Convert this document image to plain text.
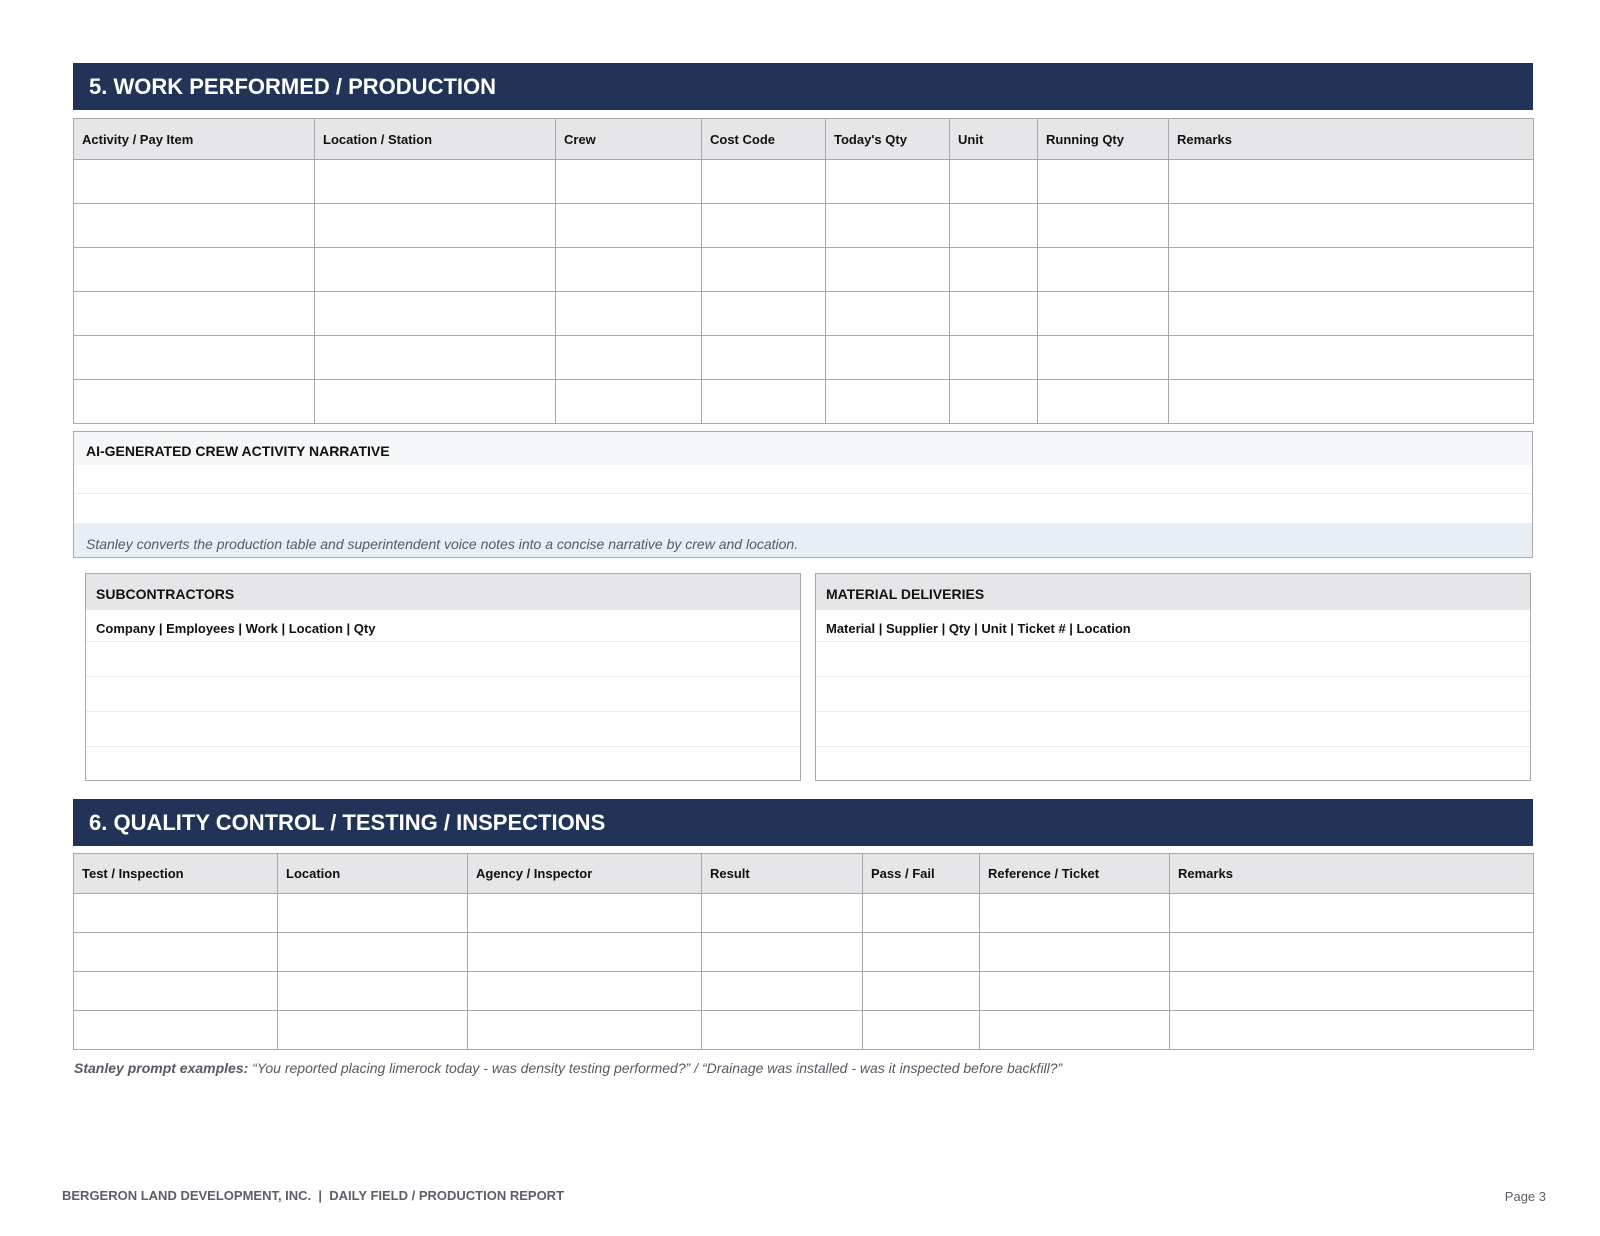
5. WORK PERFORMED / PRODUCTION
Activity / Pay Item	Location / Station	Crew	Cost Code	Today's Qty	Unit	Running Qty	Remarks

AI-GENERATED CREW ACTIVITY NARRATIVE
Stanley converts the production table and superintendent voice notes into a concise narrative by crew and location.
SUBCONTRACTORS
Company | Employees | Work | Location | Qty
MATERIAL DELIVERIES
Material | Supplier | Qty | Unit | Ticket # | Location
6. QUALITY CONTROL / TESTING / INSPECTIONS
Test / Inspection	Location	Agency / Inspector	Result	Pass / Fail	Reference / Ticket	Remarks

Stanley prompt examples: “You reported placing limerock today - was density testing performed?” / “Drainage was installed - was it inspected before backfill?”
BERGERON LAND DEVELOPMENT, INC.  |  DAILY FIELD / PRODUCTION REPORT	Page 3
